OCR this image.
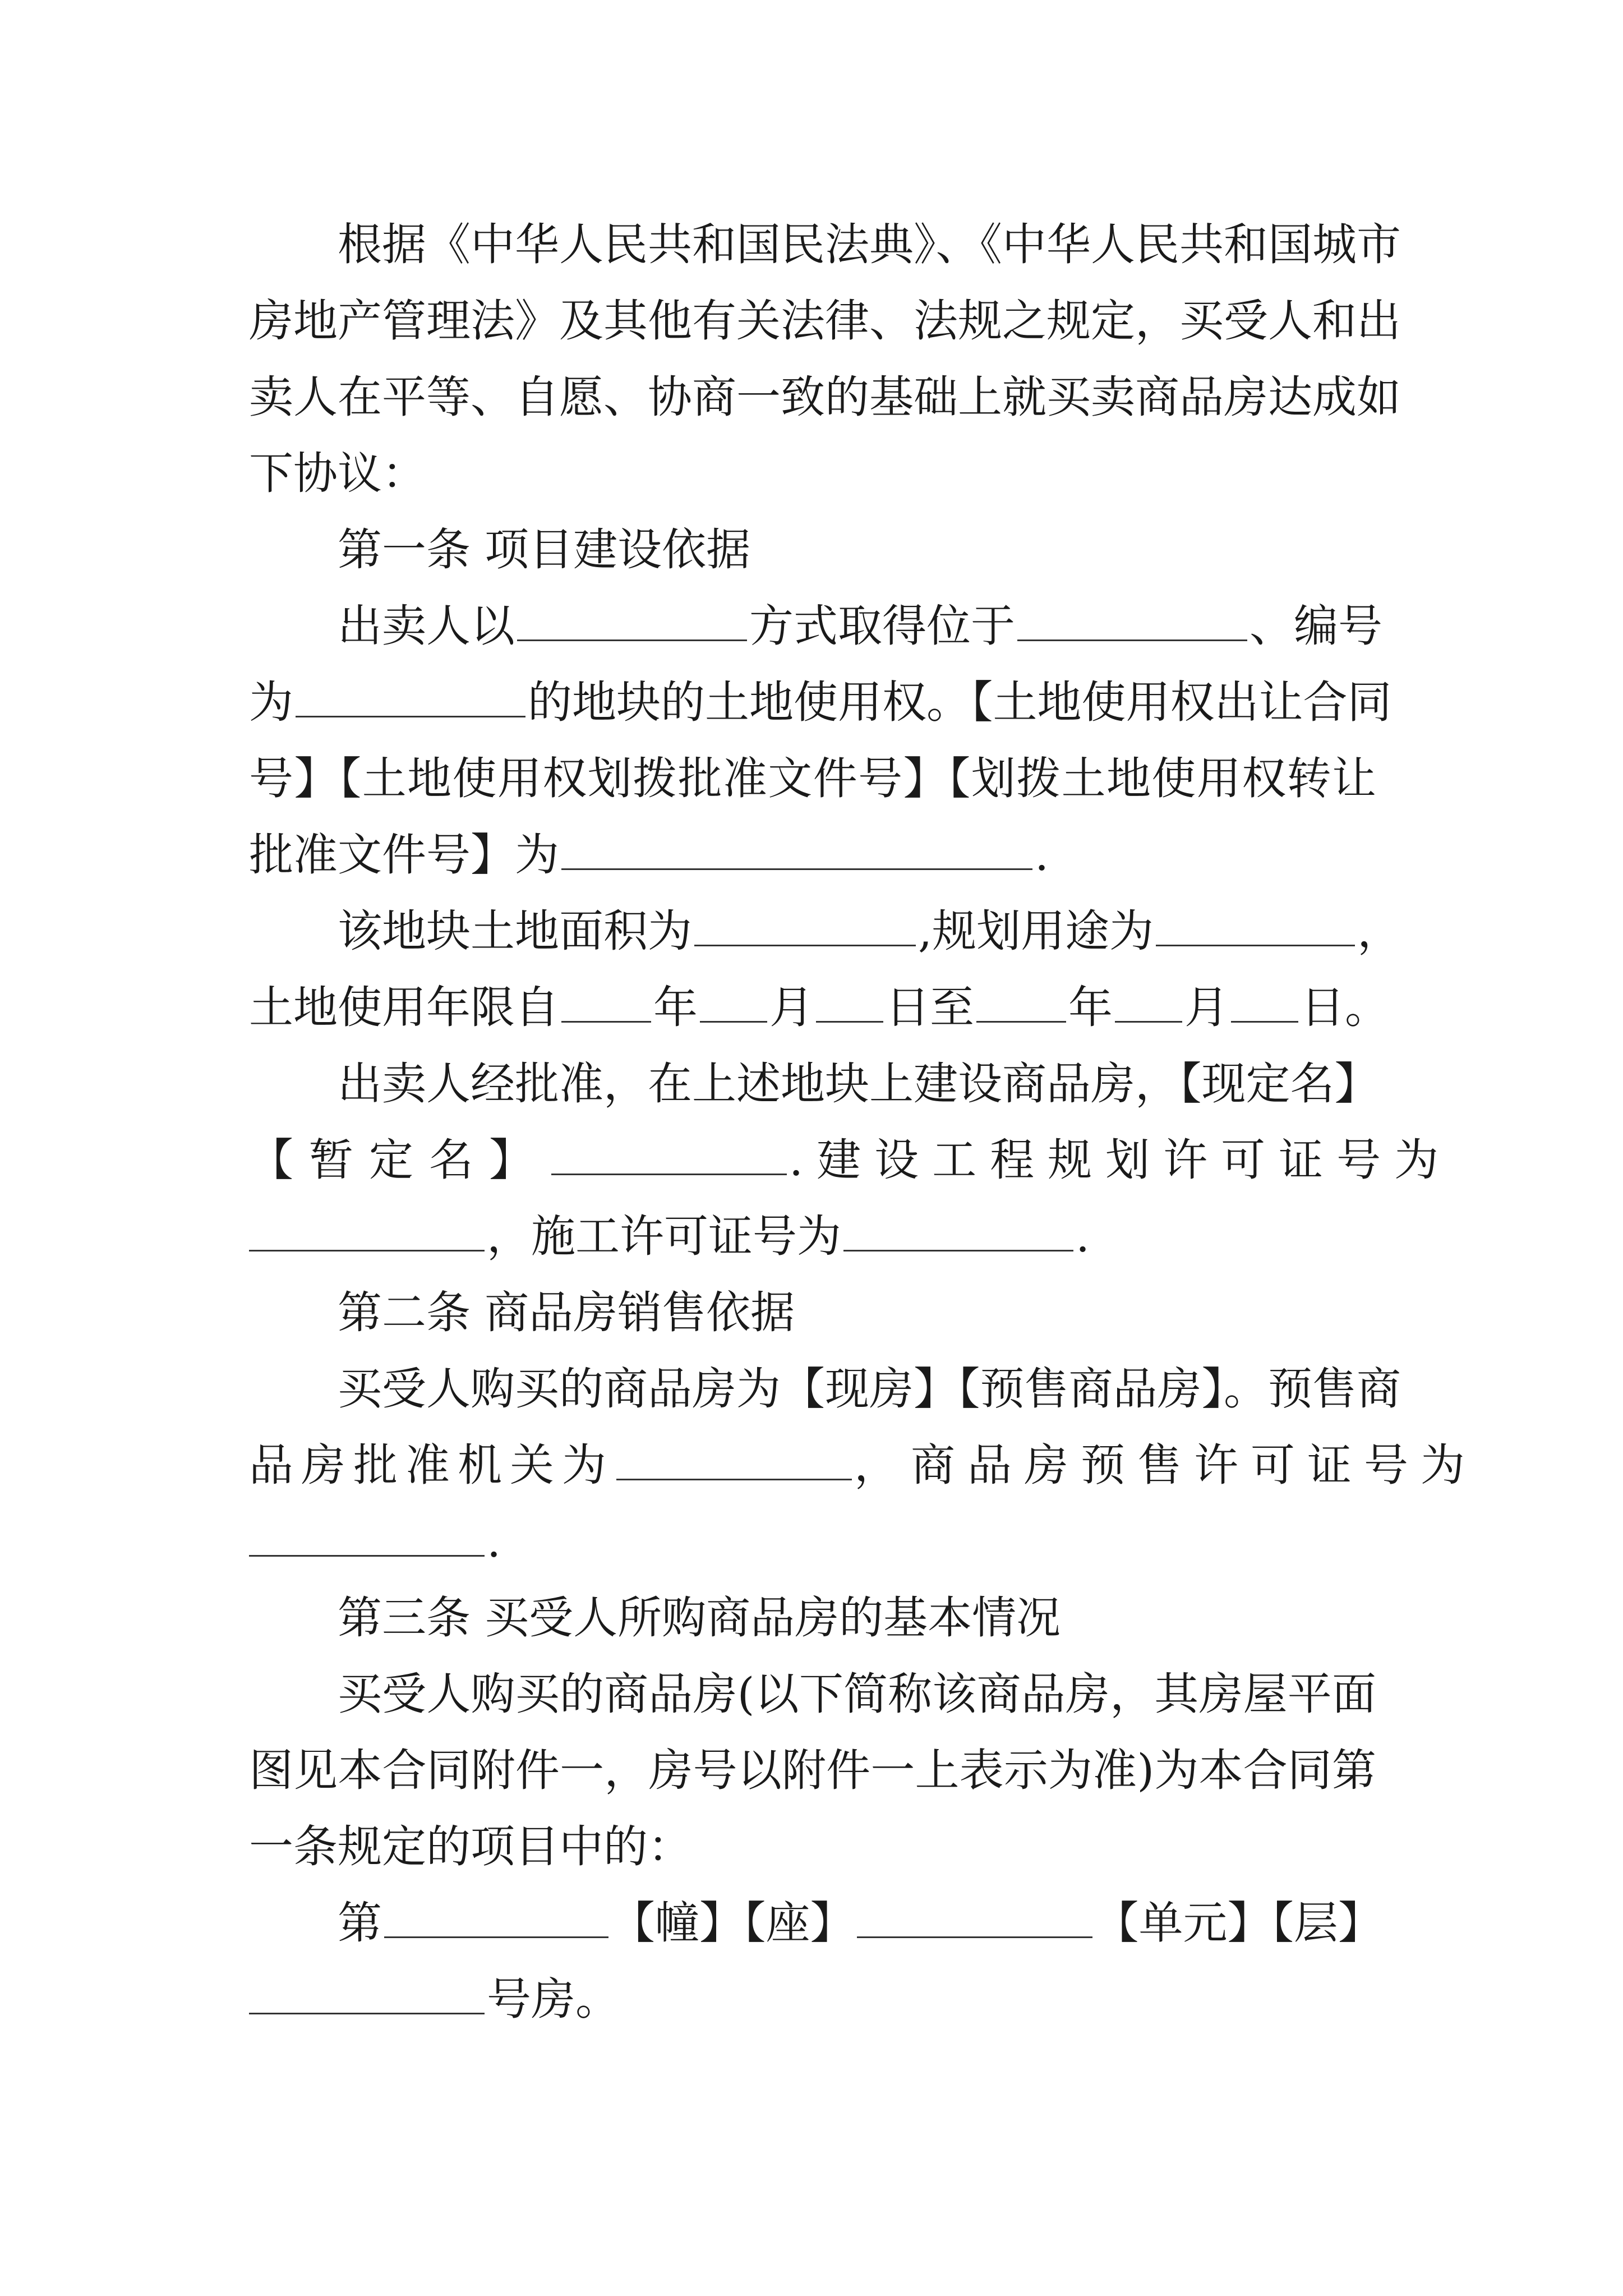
根据《中华人民共和国民法典》、《中华人民共和国城市
房地产管理法》及其他有关法律、法规之规定，买受人和出
卖人在平等、自愿、协商一致的基础上就买卖商品房达成如
下协议：
第一条 项目建设依据
出卖人以	方式取得位于	、编号
为	的地块的土地使用权。【土地使用权出让合同
号】【土地使用权划拨批准文件号】【划拨土地使用权转让
批准文件号】为	.
该地块土地面积为	,规划用途为	，
土地使用年限自 年 月 日至 年 月 日。
出卖人经批准，在上述地块上建设商品房，【现定名】
【暂定名】	.建设工程规划许可证号为
，施工许可证号为	.
第二条 商品房销售依据
买受人购买的商品房为【现房】【预售商品房】。预售商
品房批准机关为	，商品房预售许可证号为
.
第三条 买受人所购商品房的基本情况
买受人购买的商品房(以下简称该商品房，其房屋平面
图见本合同附件一，房号以附件一上表示为准)为本合同第
一条规定的项目中的：
第	【幢】【座】	【单元】【层】
号房。
